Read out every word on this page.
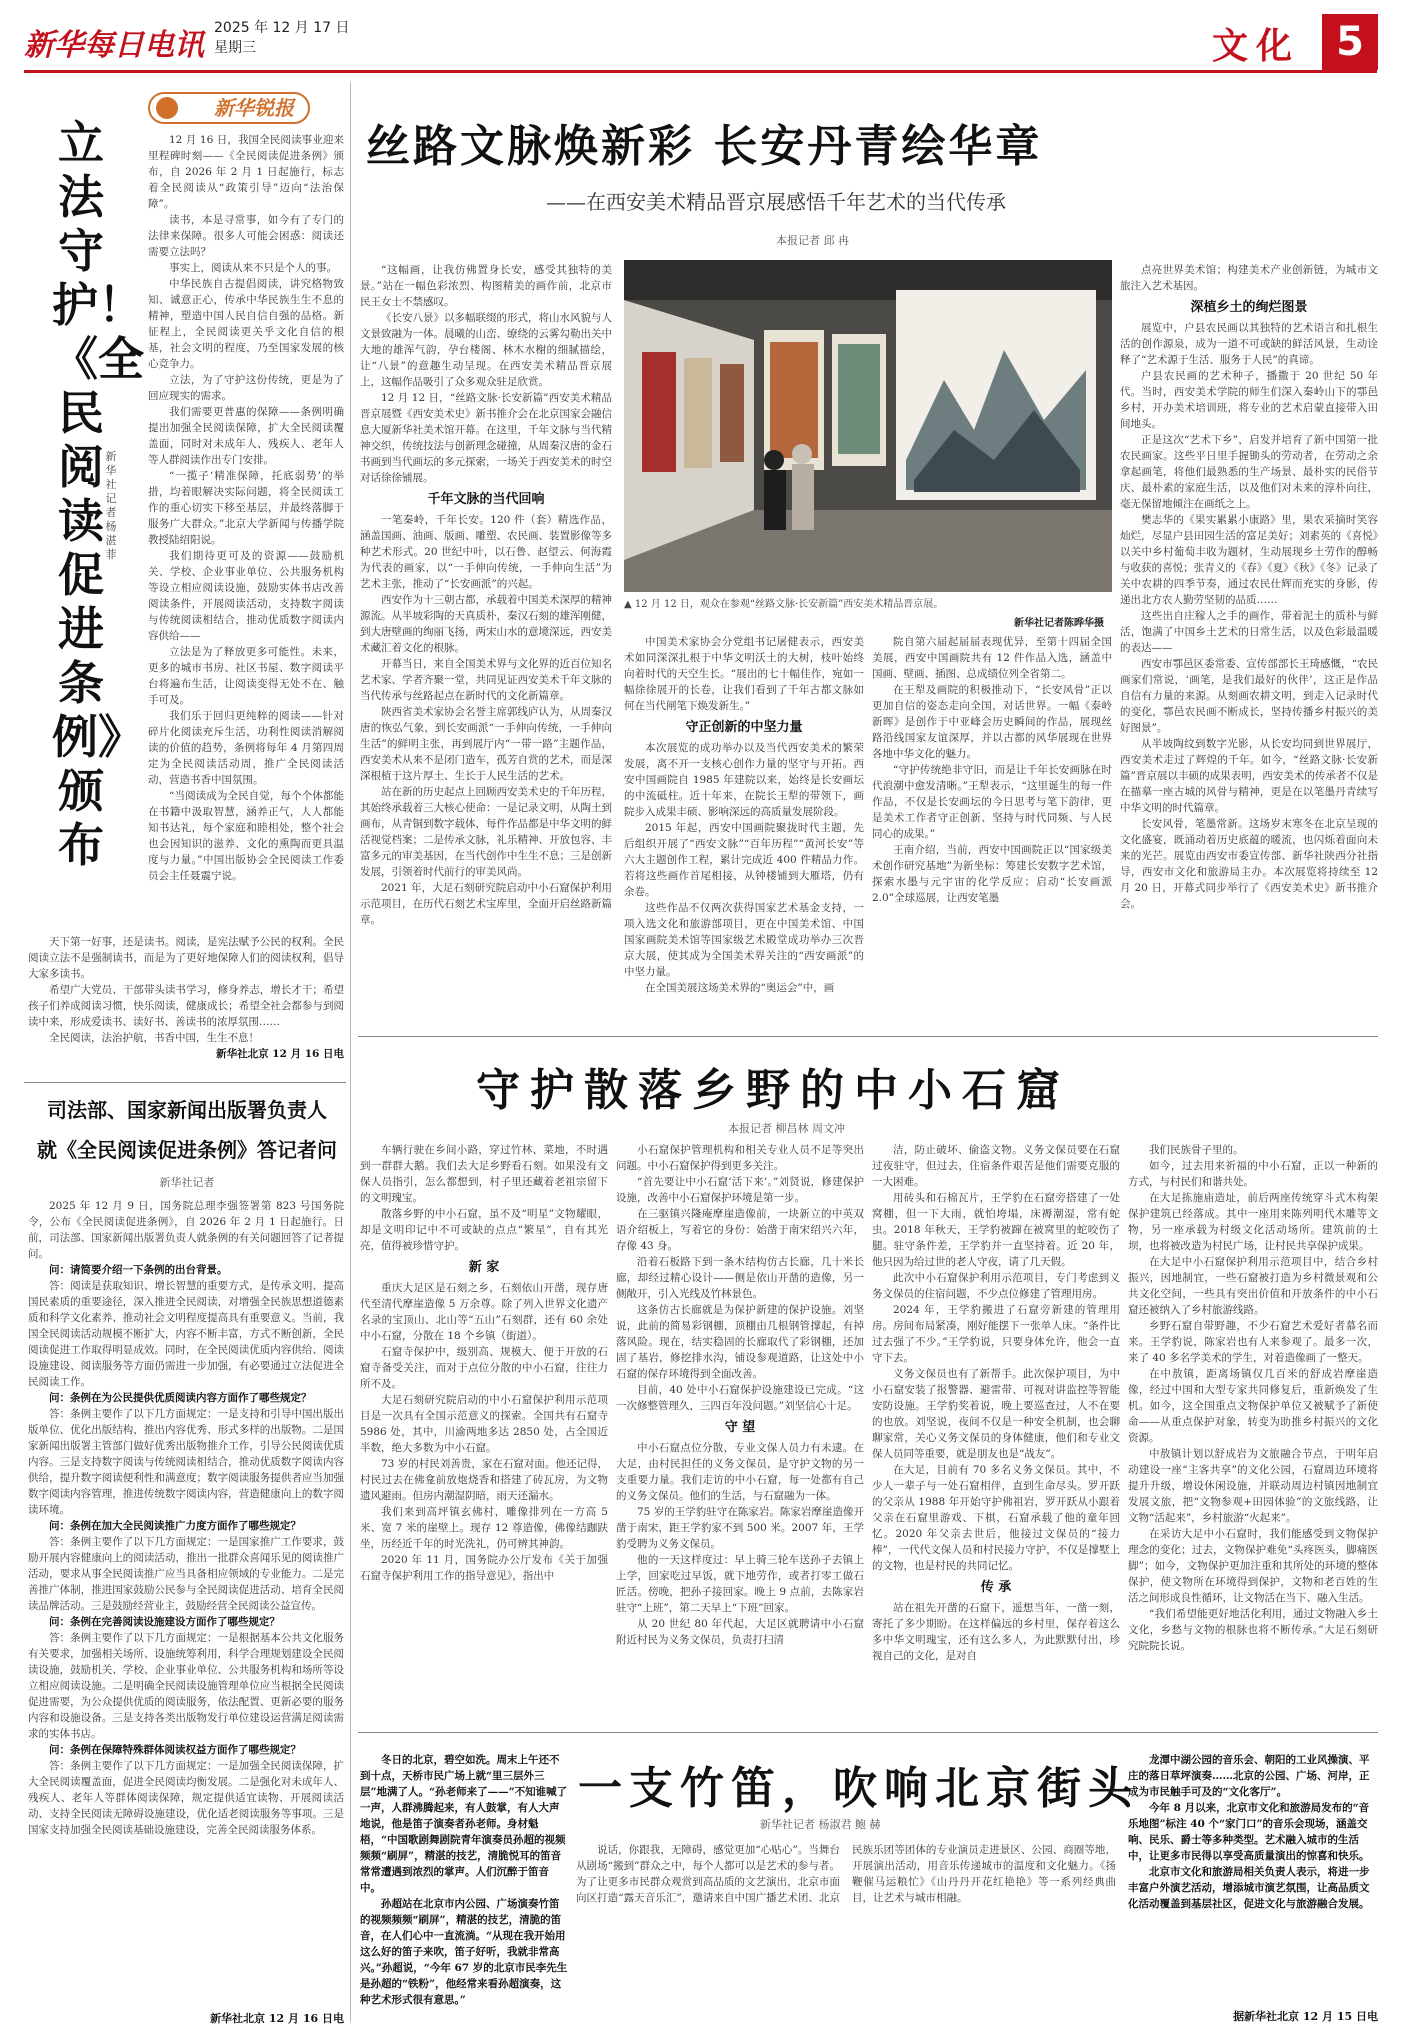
新华每日电讯 2025 年 12 月 17 日
星期三	文化 5
新华锐报
立法守护！《全民阅读促进条例》颁布
新华社记者 杨湛菲

12 月 16 日，我国全民阅读事业迎来里程碑时刻——《全民阅读促进条例》颁布，自 2026 年 2 月 1 日起施行，标志着全民阅读从“政策引导”迈向“法治保障”。

读书，本是寻常事，如今有了专门的法律来保障。很多人可能会困惑：阅读还需要立法吗？

事实上，阅读从来不只是个人的事。

中华民族自古提倡阅读，讲究格物致知、诚意正心，传承中华民族生生不息的精神，塑造中国人民自信自强的品格。新征程上，全民阅读更关乎文化自信的根基，社会文明的程度，乃至国家发展的核心竞争力。

立法，为了守护这份传统，更是为了回应现实的需求。

我们需要更普惠的保障——条例明确提出加强全民阅读保障，扩大全民阅读覆盖面，同时对未成年人、残疾人、老年人等人群阅读作出专门安排。

“一揽子‘精准保障，托底弱势’的举措，均着眼解决实际问题，将全民阅读工作的重心切实下移至基层，并最终落脚于服务广大群众。”北京大学新闻与传播学院教授陆绍阳说。

我们期待更可及的资源——鼓励机关、学校、企业事业单位、公共服务机构等设立相应阅读设施，鼓励实体书店改善阅读条件，开展阅读活动，支持数字阅读与传统阅读相结合，推动优质数字阅读内容供给——

立法是为了释放更多可能性。未来，更多的城市书房、社区书屋、数字阅读平台将遍布生活，让阅读变得无处不在、触手可及。

我们乐于回归更纯粹的阅读——针对碎片化阅读充斥生活，功利性阅读消解阅读的价值的趋势，条例将每年 4 月第四周定为全民阅读活动周，推广全民阅读活动，营造书香中国氛围。

“当阅读成为全民自觉，每个个体都能在书籍中汲取智慧，涵养正气，人人都能知书达礼，每个家庭和睦相处，整个社会也会因知识的滋养、文化的熏陶而更具温度与力量。”中国出版协会全民阅读工作委员会主任聂震宁说。

天下第一好事，还是读书。阅读，是宪法赋予公民的权利。全民阅读立法不是强制读书，而是为了更好地保障人们的阅读权利，倡导大家多读书。

希望广大党员、干部带头读书学习，修身养志，增长才干；希望孩子们养成阅读习惯，快乐阅读，健康成长；希望全社会都参与到阅读中来，形成爱读书、读好书、善读书的浓厚氛围……

全民阅读，法治护航，书香中国，生生不息！

新华社北京 12 月 16 日电

司法部、国家新闻出版署负责人
就《全民阅读促进条例》答记者问
新华社记者

2025 年 12 月 9 日，国务院总理李强签署第 823 号国务院令，公布《全民阅读促进条例》，自 2026 年 2 月 1 日起施行。日前，司法部、国家新闻出版署负责人就条例的有关问题回答了记者提问。

问：请简要介绍一下条例的出台背景。

答：阅读是获取知识、增长智慧的重要方式，是传承文明、提高国民素质的重要途径，深入推进全民阅读，对增强全民族思想道德素质和科学文化素养、推动社会文明程度提高具有重要意义。当前，我国全民阅读活动规模不断扩大，内容不断丰富，方式不断创新，全民阅读促进工作取得明显成效。同时，在全民阅读优质内容供给、阅读设施建设、阅读服务等方面仍需进一步加强，有必要通过立法促进全民阅读工作。

问：条例在为公民提供优质阅读内容方面作了哪些规定？

答：条例主要作了以下几方面规定：一是支持和引导中国出版出版单位、优化出版结构，推出内容优秀、形式多样的出版物。二是国家新闻出版署主管部门做好优秀出版物推介工作，引导公民阅读优质内容。三是支持数字阅读与传统阅读相结合，推动优质数字阅读内容供给，提升数字阅读便利性和满意度；数字阅读服务提供者应当加强数字阅读内容管理，推进传统数字阅读内容，营造健康向上的数字阅读环境。

问：条例在加大全民阅读推广力度方面作了哪些规定？

答：条例主要作了以下几方面规定：一是国家推广工作要求，鼓励开展内容健康向上的阅读活动，推出一批群众喜闻乐见的阅读推广活动，要求从事全民阅读推广应当具备相应领域的专业能力。二是完善推广体制，推进国家鼓励公民参与全民阅读促进活动、培育全民阅读品牌活动。三是鼓励经营业主，鼓励经营全民阅读公益宣传。

问：条例在完善阅读设施建设方面作了哪些规定？

答：条例主要作了以下几方面规定：一是根据基本公共文化服务有关要求，加强相关场所、设施统筹利用，科学合理规划建设全民阅读设施，鼓励机关、学校、企业事业单位、公共服务机构和场所等设立相应阅读设施。二是明确全民阅读设施管理单位应当根据全民阅读促进需要，为公众提供优质的阅读服务，依法配置、更新必要的服务内容和设施设备。三是支持各类出版物发行单位建设运营满足阅读需求的实体书店。

问：条例在保障特殊群体阅读权益方面作了哪些规定？

答：条例主要作了以下几方面规定：一是加强全民阅读保障，扩大全民阅读覆盖面，促进全民阅读均衡发展。二是强化对未成年人、残疾人、老年人等群体阅读保障，规定提供适宜读物、开展阅读活动、支持全民阅读无障碍设施建设，优化适老阅读服务等事项。三是国家支持加强全民阅读基础设施建设，完善全民阅读服务体系。

新华社北京 12 月 16 日电
丝路文脉焕新彩 长安丹青绘华章
——在西安美术精品晋京展感悟千年艺术的当代传承
本报记者 邱 冉

“这幅画，让我仿佛置身长安，感受其独特的美景。”站在一幅色彩浓烈、构图精美的画作前，北京市民王女士不禁感叹。

《长安八景》以多幅联缀的形式，将山水风貌与人文景致融为一体。晨曦的山峦、缭绕的云雾勾勒出关中大地的雄浑气韵，孕台楼阁、林木水榭的细腻描绘，让“八景”的意趣生动呈现。在西安美术精品晋京展上，这幅作品吸引了众多观众驻足欣赏。

12 月 12 日，“丝路文脉·长安新篇”西安美术精品晋京展暨《西安美术史》新书推介会在北京国家会融信息大厦新华社美术馆开幕。在这里，千年文脉与当代精神交织，传统技法与创新理念碰撞，从周秦汉唐的金石书画到当代画坛的多元探索，一场关于西安美术的时空对话徐徐铺展。

千年文脉的当代回响

一笔秦岭，千年长安。120 件（套）精选作品，涵盖国画、油画、版画、雕塑、农民画、装置影像等多种艺术形式。20 世纪中叶，以石鲁、赵望云、何海霞为代表的画家，以“一手伸向传统，一手伸向生活”为艺术主张，推动了“长安画派”的兴起。

西安作为十三朝古都，承载着中国美术深厚的精神源流。从半坡彩陶的天真质朴，秦汉石刻的雄浑刚健，到大唐壁画的绚丽飞扬，两宋山水的意境深远，西安美术藏汇着文化的根脉。

开幕当日，来自全国美术界与文化界的近百位知名艺术家、学者齐聚一堂，共同见证西安美术千年文脉的当代传承与丝路起点在新时代的文化新篇章。

陕西省美术家协会名誉主席郭线庐认为，从周秦汉唐的恢弘气象，到长安画派“一手伸向传统，一手伸向生活”的鲜明主张，再到展厅内“一带一路”主题作品，西安美术从来不是闭门造车，孤芳自赏的艺术，而是深深根植于这片厚土、生长于人民生活的艺术。

站在新的历史起点上回顾西安美术史的千年历程，其始终承载着三大核心使命：一是记录文明，从陶土到画布，从青铜到数字载体，每件作品都是中华文明的鲜活视觉档案；二是传承文脉，礼乐精神、开放包容、丰富多元的审美基因，在当代创作中生生不息；三是创新发展，引领着时代前行的审美风尚。

2021 年，大足石刻研究院启动中小石窟保护利用示范项目，在历代石刻艺术宝库里，全面开启丝路新篇章。

▲ 12 月 12 日，观众在参观“丝路文脉·长安新篇”西安美术精品晋京展。
新华社记者陈晔华摄

中国美术家协会分党组书记屠健表示，西安美术如同深深扎根于中华文明沃土的大树，枝叶始终向着时代的天空生长。“展出的七十幅佳作，宛如一幅徐徐展开的长卷，让我们看到了千年古都文脉如何在当代闸笔下焕发新生。”

守正创新的中坚力量

本次展览的成功举办以及当代西安美术的繁荣发展，离不开一支核心创作力量的坚守与开拓。西安中国画院自 1985 年建院以来，始终是长安画坛的中流砥柱。近十年来，在院长王犁的带领下，画院步入成果丰硕、影响深远的高质量发展阶段。

2015 年起，西安中国画院聚拢时代主题，先后组织开展了“西安文脉”“百年历程”“黄河长安”等六大主题创作工程，累计完成近 400 件精品力作。若将这些画作首尾相接，从钟楼铺到大雁塔，仍有余卷。

这些作品不仅两次获得国家艺术基金支持，一项入选文化和旅游部项目，更在中国美术馆、中国国家画院美术馆等国家级艺术殿堂成功举办三次晋京大展，使其成为全国美术界关注的“西安画派”的中坚力量。

在全国美展这场美术界的“奥运会”中，画

院自第六届起届届表现优异，至第十四届全国美展，西安中国画院共有 12 件作品入选，涵盖中国画、壁画、插图、总成绩位列全省第二。

在王犁及画院的积极推动下，“长安风骨”正以更加自信的姿态走向全国，对话世界。一幅《泰岭新晖》是创作于中亚峰会历史瞬间的作品，展现丝路沿线国家友谊深厚，并以古都的风华展现在世界各地中华文化的魅力。

“守护传统绝非守旧，而是让千年长安画脉在时代浪潮中愈发清晰。”王犁表示，“这里诞生的每一件作品，不仅是长安画坛的今日思考与笔下韵律，更是美术工作者守正创新、坚持与时代同频、与人民同心的成果。”

王南介绍，当前，西安中国画院正以“国家级美术创作研究基地”为新坐标：筹建长安数字艺术馆，探索水墨与元宇宙的化学反应；启动“长安画派 2.0”全球巡展，让西安笔墨

点亮世界美术馆；构建美术产业创新链，为城市文旅注入艺术基因。

深植乡土的绚烂图景

展览中，户县农民画以其独特的艺术语言和扎根生活的创作源泉，成为一道不可或缺的鲜活风景，生动诠释了“艺术源于生活、服务于人民”的真谛。

户县农民画的艺术种子，播撒于 20 世纪 50 年代。当时，西安美术学院的师生们深入秦岭山下的鄠邑乡村，开办美术培训班，将专业的艺术启蒙直接带入田间地头。

正是这次“艺术下乡”，启发并培育了新中国第一批农民画家。这些平日里手握锄头的劳动者，在劳动之余拿起画笔，将他们最熟悉的生产场景、最朴实的民俗节庆、最朴素的家庭生活，以及他们对未来的淳朴向往，毫无保留地倾注在画纸之上。

樊志华的《果实累累小康路》里，果农采摘时笑容灿烂，尽显户县田园生活的富足美好；刘素英的《喜悦》以关中乡村葡萄丰收为题材，生动展现乡土劳作的醇畅与收获的喜悦；张青义的《春》《夏》《秋》《冬》记录了关中农耕的四季节奏，通过农民仕辉而充实的身影，传递出北方农人勤劳坚韧的品质……

这些出自庄稼人之手的画作，带着泥土的质朴与鲜活，饱满了中国乡土艺术的日常生活，以及色彩最温暖的表达——

西安市鄠邑区委常委、宣传部部长王琦感慨，“农民画家们常说，‘画笔，是我们最好的伙伴’，这正是作品自信有力量的来源。从刻画农耕文明，到走入记录时代的变化，鄠邑农民画不断成长，坚持传播乡村振兴的美好图景”。

从半坡陶纹到数字光影，从长安均同到世界展厅，西安美术走过了辉煌的千年。如今，“丝路文脉·长安新篇”晋京展以丰硕的成果表明，西安美术的传承者不仅是在描摹一座古城的风骨与精神，更是在以笔墨丹青续写中华文明的时代篇章。

长安风骨，笔墨常新。这场岁末寒冬在北京呈现的文化盛宴，既涌动着历史底蕴的暖流，也闪烁着面向未来的光芒。展览由西安市委宣传部、新华社陕西分社指导，西安市文化和旅游局主办。本次展览将持续至 12 月 20 日，开幕式同步举行了《西安美术史》新书推介会。

守护散落乡野的中小石窟
本报记者 柳昌林 周文冲

车辆行驶在乡间小路，穿过竹林、菜地，不时遇到一群群大鹅。我们去大足乡野看石刻。如果没有文保人员指引，怎么都想到，村子里还藏着老祖宗留下的文明瑰宝。

散落乡野的中小石窟，虽不及“明星”文物耀眼，却是文明印记中不可或缺的点点“繁星”，自有其光亮，值得被珍惜守护。

新 家

重庆大足区是石刻之乡，石刻依山开凿，现存唐代至清代摩崖造像 5 万余尊。除了列入世界文化遗产名录的宝顶山、北山等“五山”石刻群，还有 60 余处中小石窟，分散在 18 个乡镇（街道）。

石窟寺保护中，级别高、规模大、便于开放的石窟寺备受关注，而对于点位分散的中小石窟，往往力所不及。

大足石刻研究院启动的中小石窟保护利用示范项目是一次具有全国示范意义的探索。全国共有石窟寺 5986 处，其中，川渝两地多达 2850 处，占全国近半数，绝大多数为中小石窟。

73 岁的村民刘善贵，家在石窟对面。他还记得，村民过去在佛龛前放炮烧香和搭建了砖瓦房，为文物遗风避雨。但房内潮湿阴暗，雨天还漏水。

我们来到高坪镇玄佛村，雕像排列在一方高 5 米、宽 7 米的崖壁上。现存 12 尊造像，佛像结跏趺坐，历经近千年的时光洗礼，仍可辨其神韵。

2020 年 11 月，国务院办公厅发布《关于加强石窟寺保护利用工作的指导意见》，指出中

小石窟保护管理机构和相关专业人员不足等突出问题。中小石窟保护得到更多关注。

“首先要让中小石窟‘活下来’。”刘贤说，修建保护设施，改善中小石窟保护环境是第一步。

在三驱镇兴隆庵摩崖造像前，一块新立的中英双语介绍板上，写着它的身份：始凿于南宋绍兴六年，存像 43 身。

沿着石板路下到一条木结构仿古长廊，几十米长廊，却经过精心设计——侧是依山开凿的造像，另一侧敞开，引入光线及竹林景色。

这条仿古长廊就是为保护新建的保护设施。刘坚说，此前的简易彩钢棚，顶棚由几根钢管撑起，有掉落风险。现在，结实稳固的长廊取代了彩钢棚，还加固了基岩，修挖排水沟，铺设参观道路，让这处中小石窟的保存环境得到全面改善。

目前，40 处中小石窟保护设施建设已完成。“这一次修整管理久，三四百年没问题。”刘坚信心十足。

守 望

中小石窟点位分散，专业文保人员力有未逮。在大足，由村民担任的义务文保员，是守护文物的另一支重要力量。我们走访的中小石窟，每一处都有自己的义务文保员。他们的生活，与石窟融为一体。

75 岁的王学豹驻守在陈家岩。陈家岩摩崖造像开凿于南宋，距王学豹家不到 500 米。2007 年，王学豹受聘为义务文保员。

他的一天这样度过：早上骑三轮车送孙子去镇上上学，回家吃过早饭，就下地劳作，或者打零工做石匠活。傍晚，把孙子接回家。晚上 9 点前，去陈家岩驻守“上班”，第二天早上“下班”回家。

从 20 世纪 80 年代起，大足区就聘请中小石窟附近村民为义务文保员，负责打扫清

洁，防止破坏、偷盗文物。义务文保员要在石窟过夜驻守，但过去，住宿条件艰苦是他们需要克服的一大困难。

用砖头和石棉瓦片，王学豹在石窟旁搭建了一处窝棚，但一下大雨，就怕垮塌，床褥潮湿，常有蛇虫。2018 年秋天，王学豹被蹿在被窝里的蛇咬伤了腿。驻守条件差，王学豹并一直坚持着。近 20 年，他只因为给过世的老人守夜，请了几天假。

此次中小石窟保护利用示范项目，专门考虑到义务文保员的住宿问题，不少点位修建了管理用房。

2024 年，王学豹搬进了石窟旁新建的管理用房。房间布局紧凑，刚好能摆下一张单人床。“条件比过去强了不少。”王学豹说，只要身体允许，他会一直守下去。

义务文保员也有了新帮手。此次保护项目，为中小石窟安装了报警器、避雷带、可视对讲监控等智能安防设施。王学豹奖着说，晚上要巡查过，人不在要的也放。刘坚说，夜间不仅是一种安全机制，也会聊聊家常，关心义务文保员的身体健康，他们和专业文保人员同等重要，就是朋友也是“战友”。

在大足，目前有 70 多名义务文保员。其中，不少人一辈子与一处石窟相伴，直到生命尽头。罗开跃的父亲从 1988 年开始守护佛祖岩，罗开跃从小跟着父亲在石窟里游戏、下棋，石窟承载了他的童年回忆。2020 年父亲去世后，他接过文保员的“接力棒”，一代代文保人员和村民接力守护，不仅是撑墅上的文物，也是村民的共同记忆。

传 承

站在祖先开凿的石窟下，遥想当年，一凿一刻，寄托了多少期盼。在这样偏远的乡村里，保存着这么多中华文明瑰宝，还有这么多人，为此默默付出，珍视自己的文化，是对自

我们民族骨子里的。

如今，过去用来祈福的中小石窟，正以一种新的方式，与村民们和谐共处。

在大足拣施庙造址，前后两座传统穿斗式木构架保护建筑已经落成。其中一座用来陈列明代木雕等文物，另一座承载为村级文化活动场所。建筑前的土坝，也将被改造为村民广场，让村民共享保护成果。

在大足中小石窟保护利用示范项目中，结合乡村振兴，因地制宜，一些石窟被打造为乡村微景观和公共文化空间，一些具有突出价值和开放条件的中小石窟还被纳入了乡村旅游线路。

乡野石窟自带野趣，不少石窟艺术爱好者慕名而来。王学豹说，陈家岩也有人来参观了。最多一次，来了 40 多名学美术的学生，对着造像画了一整天。

在中敖镇，距离场镇仅几百米的舒成岩摩崖造像，经过中国和大型专家共同修复后，重新焕发了生机。如今，这全国重点文物保护单位又被赋予了新使命——从重点保护对象，转变为助推乡村振兴的文化资源。

中敖镇计划以舒成岩为文旅融合节点，于明年启动建设一座“主客共享”的文化公园，石窟周边环境将提升升级，增设休闲设施，并联动周边村镇因地制宜发展文旅，把“文物参观+田园体验”的文旅线路，让文物“活起来”，乡村旅游“火起来”。

在采访大足中小石窟时，我们能感受到文物保护理念的变化；过去，文物保护难免“头疼医头，脚痛医脚”；如今，文物保护更加注重和其所处的环境的整体保护，使文物所在环境得到保护，文物和老百姓的生活之间形成良性循环，让文物活在当下、融入生活。

“我们希望能更好地活化利用，通过文物融入乡土文化，乡愁与文物的根脉也将不断传承。”大足石刻研究院院长说。

一支竹笛，吹响北京街头
新华社记者 杨淑君 鲍 赫

冬日的北京，碧空如洗。周末上午还不到十点，天桥市民广场上就“里三层外三层”地满了人。“孙老师来了——”不知谁喊了一声，人群沸腾起来，有人鼓掌，有人大声地说，他是笛子演奏者孙老师。身材魁梧，“中国歌剧舞剧院青年演奏员孙超的视频频频“刷屏”，精湛的技艺，清脆悦耳的笛音常常遭遇到浓烈的掌声。人们沉醉于笛音中。

孙超站在北京市内公园、广场演奏竹笛的视频频频“刷屏”，精湛的技艺，清脆的笛音，在人们心中一直流淌。“从现在我开始用这么好的笛子来吹，笛子好听，我就非常高兴。”孙超说，“今年 67 岁的北京市民李先生是孙超的“铁粉”，他经常来看孙超演奏，这种艺术形式很有意思。”

说话，你跟我，无障碍，感觉更加“心贴心”。当舞台从剧场“搬到”群众之中，每个人都可以是艺术的参与者。为了让更多市民群众观赏到高品质的文艺演出，北京市面向区打造“露天音乐汇”，邀请来自中国广播艺术团、北京民族乐团等团体的专业演员走进景区、公园、商圈等地，开展演出活动，用音乐传递城市的温度和文化魅力。《扬鞭催马运粮忙》《山丹丹开花红艳艳》等一系列经典曲目，让艺术与城市相融。

龙潭中湖公园的音乐会、朝阳的工业风操演、平庄的落日草坪演奏……北京的公园、广场、河岸，正成为市民触手可及的“文化客厅”。

今年 8 月以来，北京市文化和旅游局发布的“音乐地图”标注 40 个“家门口”的音乐会现场，涵盖交响、民乐、爵士等多种类型。艺术融入城市的生活中，让更多市民得以享受高质量演出的惊喜和快乐。

北京市文化和旅游局相关负责人表示，将进一步丰富户外演艺活动，增添城市演艺氛围，让高品质文化活动覆盖到基层社区，促进文化与旅游融合发展。

据新华社北京 12 月 15 日电
